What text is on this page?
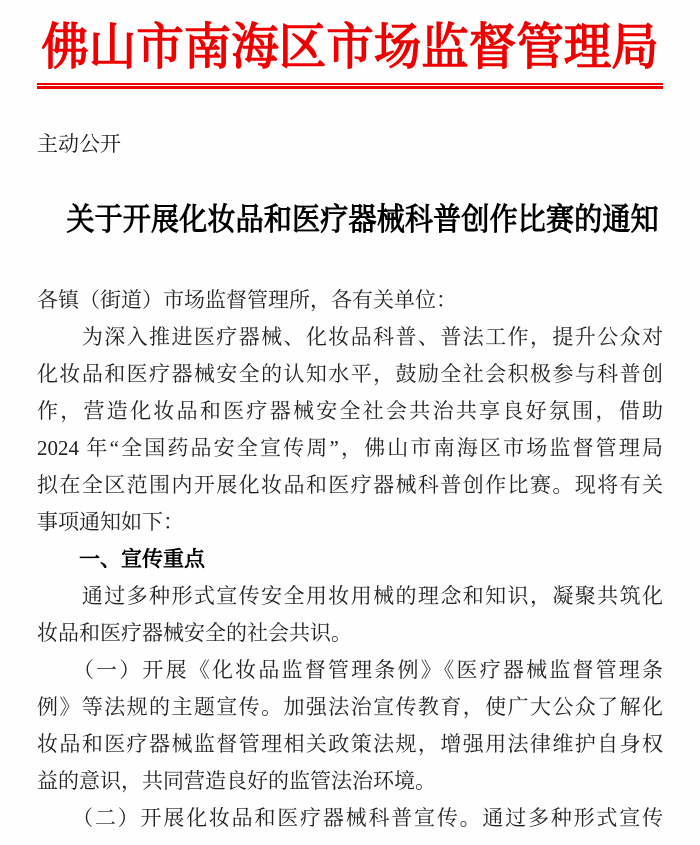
佛山市南海区市场监督管理局
主动公开
关于开展化妆品和医疗器械科普创作比赛的通知
各镇（街道）市场监督管理所，各有关单位：
　　为深入推进医疗器械、化妆品科普、普法工作，提升公众对
化妆品和医疗器械安全的认知水平，鼓励全社会积极参与科普创
作，营造化妆品和医疗器械安全社会共治共享良好氛围，借助
2024 年“全国药品安全宣传周”，佛山市南海区市场监督管理局
拟在全区范围内开展化妆品和医疗器械科普创作比赛。现将有关
事项通知如下：
　　一、宣传重点
　　通过多种形式宣传安全用妆用械的理念和知识，凝聚共筑化
妆品和医疗器械安全的社会共识。
　　（一）开展《化妆品监督管理条例》《医疗器械监督管理条
例》等法规的主题宣传。加强法治宣传教育，使广大公众了解化
妆品和医疗器械监督管理相关政策法规，增强用法律维护自身权
益的意识，共同营造良好的监管法治环境。
　　（二）开展化妆品和医疗器械科普宣传。通过多种形式宣传
